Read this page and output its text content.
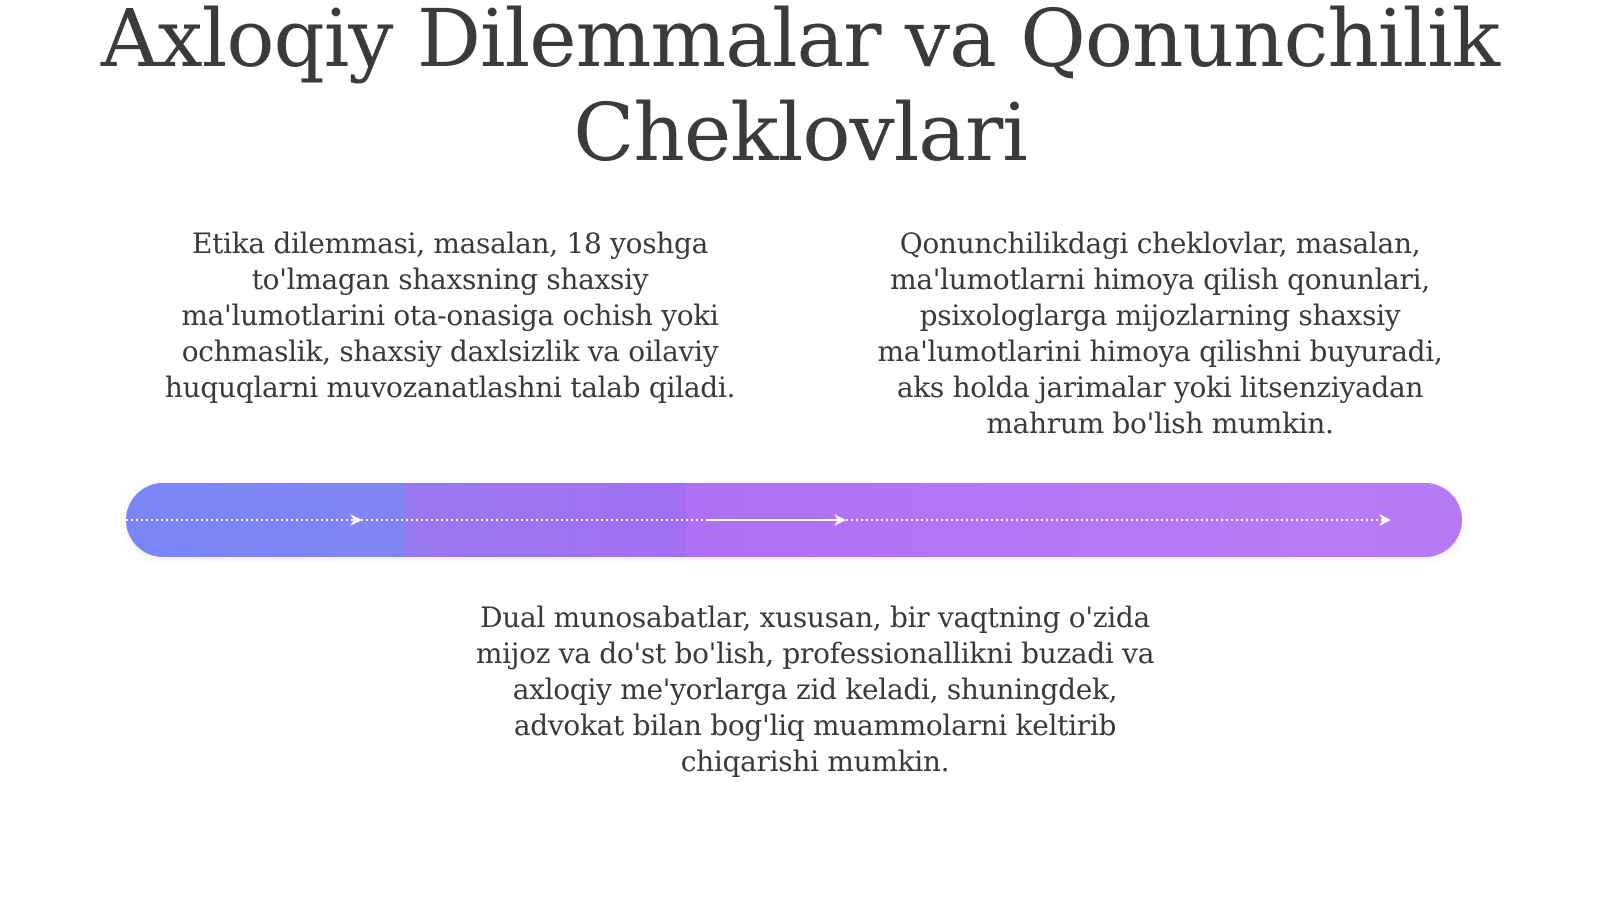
Axloqiy Dilemmalar va Qonunchilik Cheklovlari

Etika dilemmasi, masalan, 18 yoshga to'lmagan shaxsning shaxsiy ma'lumotlarini ota-onasiga ochish yoki ochmaslik, shaxsiy daxlsizlik va oilaviy huquqlarni muvozanatlashni talab qiladi.

Qonunchilikdagi cheklovlar, masalan, ma'lumotlarni himoya qilish qonunlari, psixologlarga mijozlarning shaxsiy ma'lumotlarini himoya qilishni buyuradi, aks holda jarimalar yoki litsenziyadan mahrum bo'lish mumkin.

Dual munosabatlar, xususan, bir vaqtning o'zida mijoz va do'st bo'lish, professionallikni buzadi va axloqiy me'yorlarga zid keladi, shuningdek, advokat bilan bog'liq muammolarni keltirib chiqarishi mumkin.
